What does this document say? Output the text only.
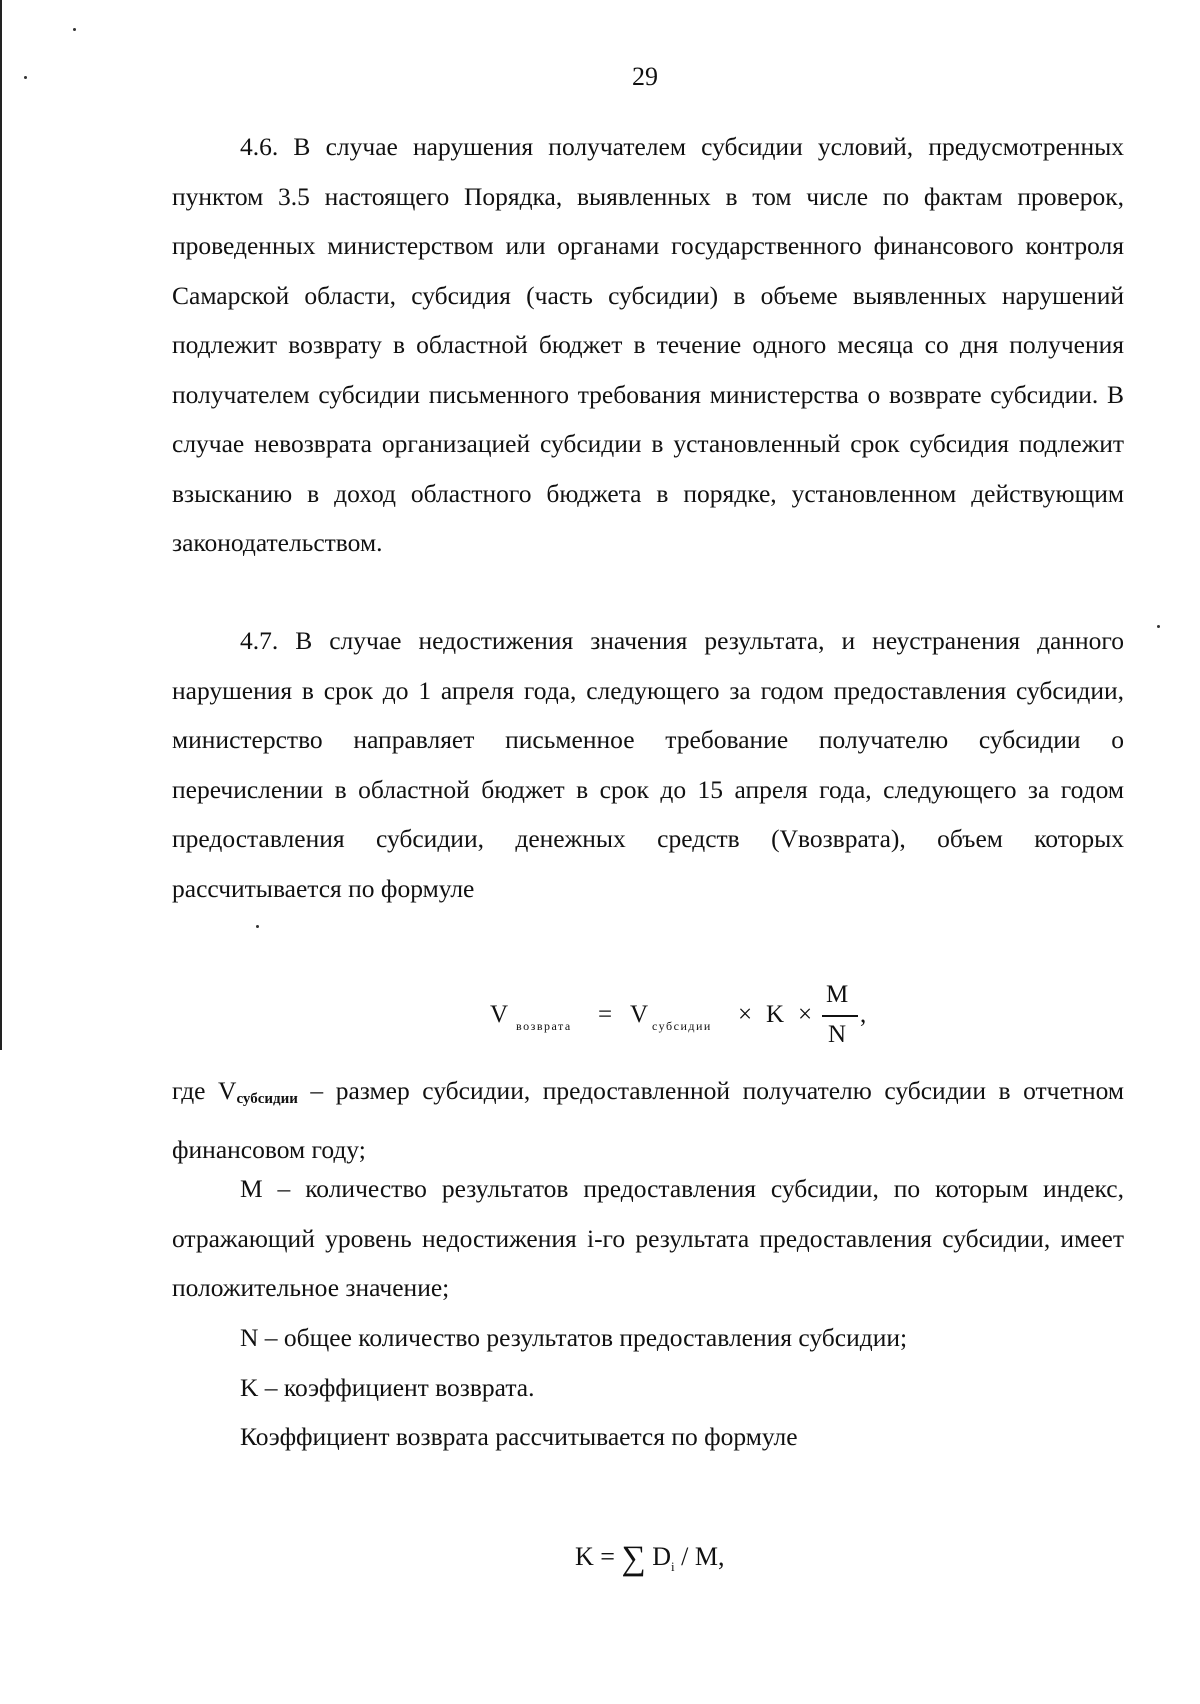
29

4.6. В случае нарушения получателем субсидии условий, предусмотренных пунктом 3.5 настоящего Порядка, выявленных в том числе по фактам проверок, проведенных министерством или органами государственного финансового контроля Самарской области, субсидия (часть субсидии) в объеме выявленных нарушений подлежит возврату в областной бюджет в течение одного месяца со дня получения получателем субсидии письменного требования министерства о возврате субсидии. В случае невозврата организацией субсидии в установленный срок субсидия подлежит взысканию в доход областного бюджета в порядке, установленном действующим законодательством.

4.7. В случае недостижения значения результата, и неустранения данного нарушения в срок до 1 апреля года, следующего за годом предоставления субсидии, министерство направляет письменное требование получателю субсидии о перечислении в областной бюджет в срок до 15 апреля года, следующего за годом предоставления субсидии, денежных средств (Vвозврата), объем которых рассчитывается по формуле

V возврата = V субсидии × K ×
M
N
,

где $V_{субсидии}$ – размер субсидии, предоставленной получателю субсидии в отчетном финансовом году;

M – количество результатов предоставления субсидии, по которым индекс, отражающий уровень недостижения i-го результата предоставления субсидии, имеет положительное значение;

N – общее количество результатов предоставления субсидии;

K – коэффициент возврата.

Коэффициент возврата рассчитывается по формуле

K = ∑ $D_i$ / M,
